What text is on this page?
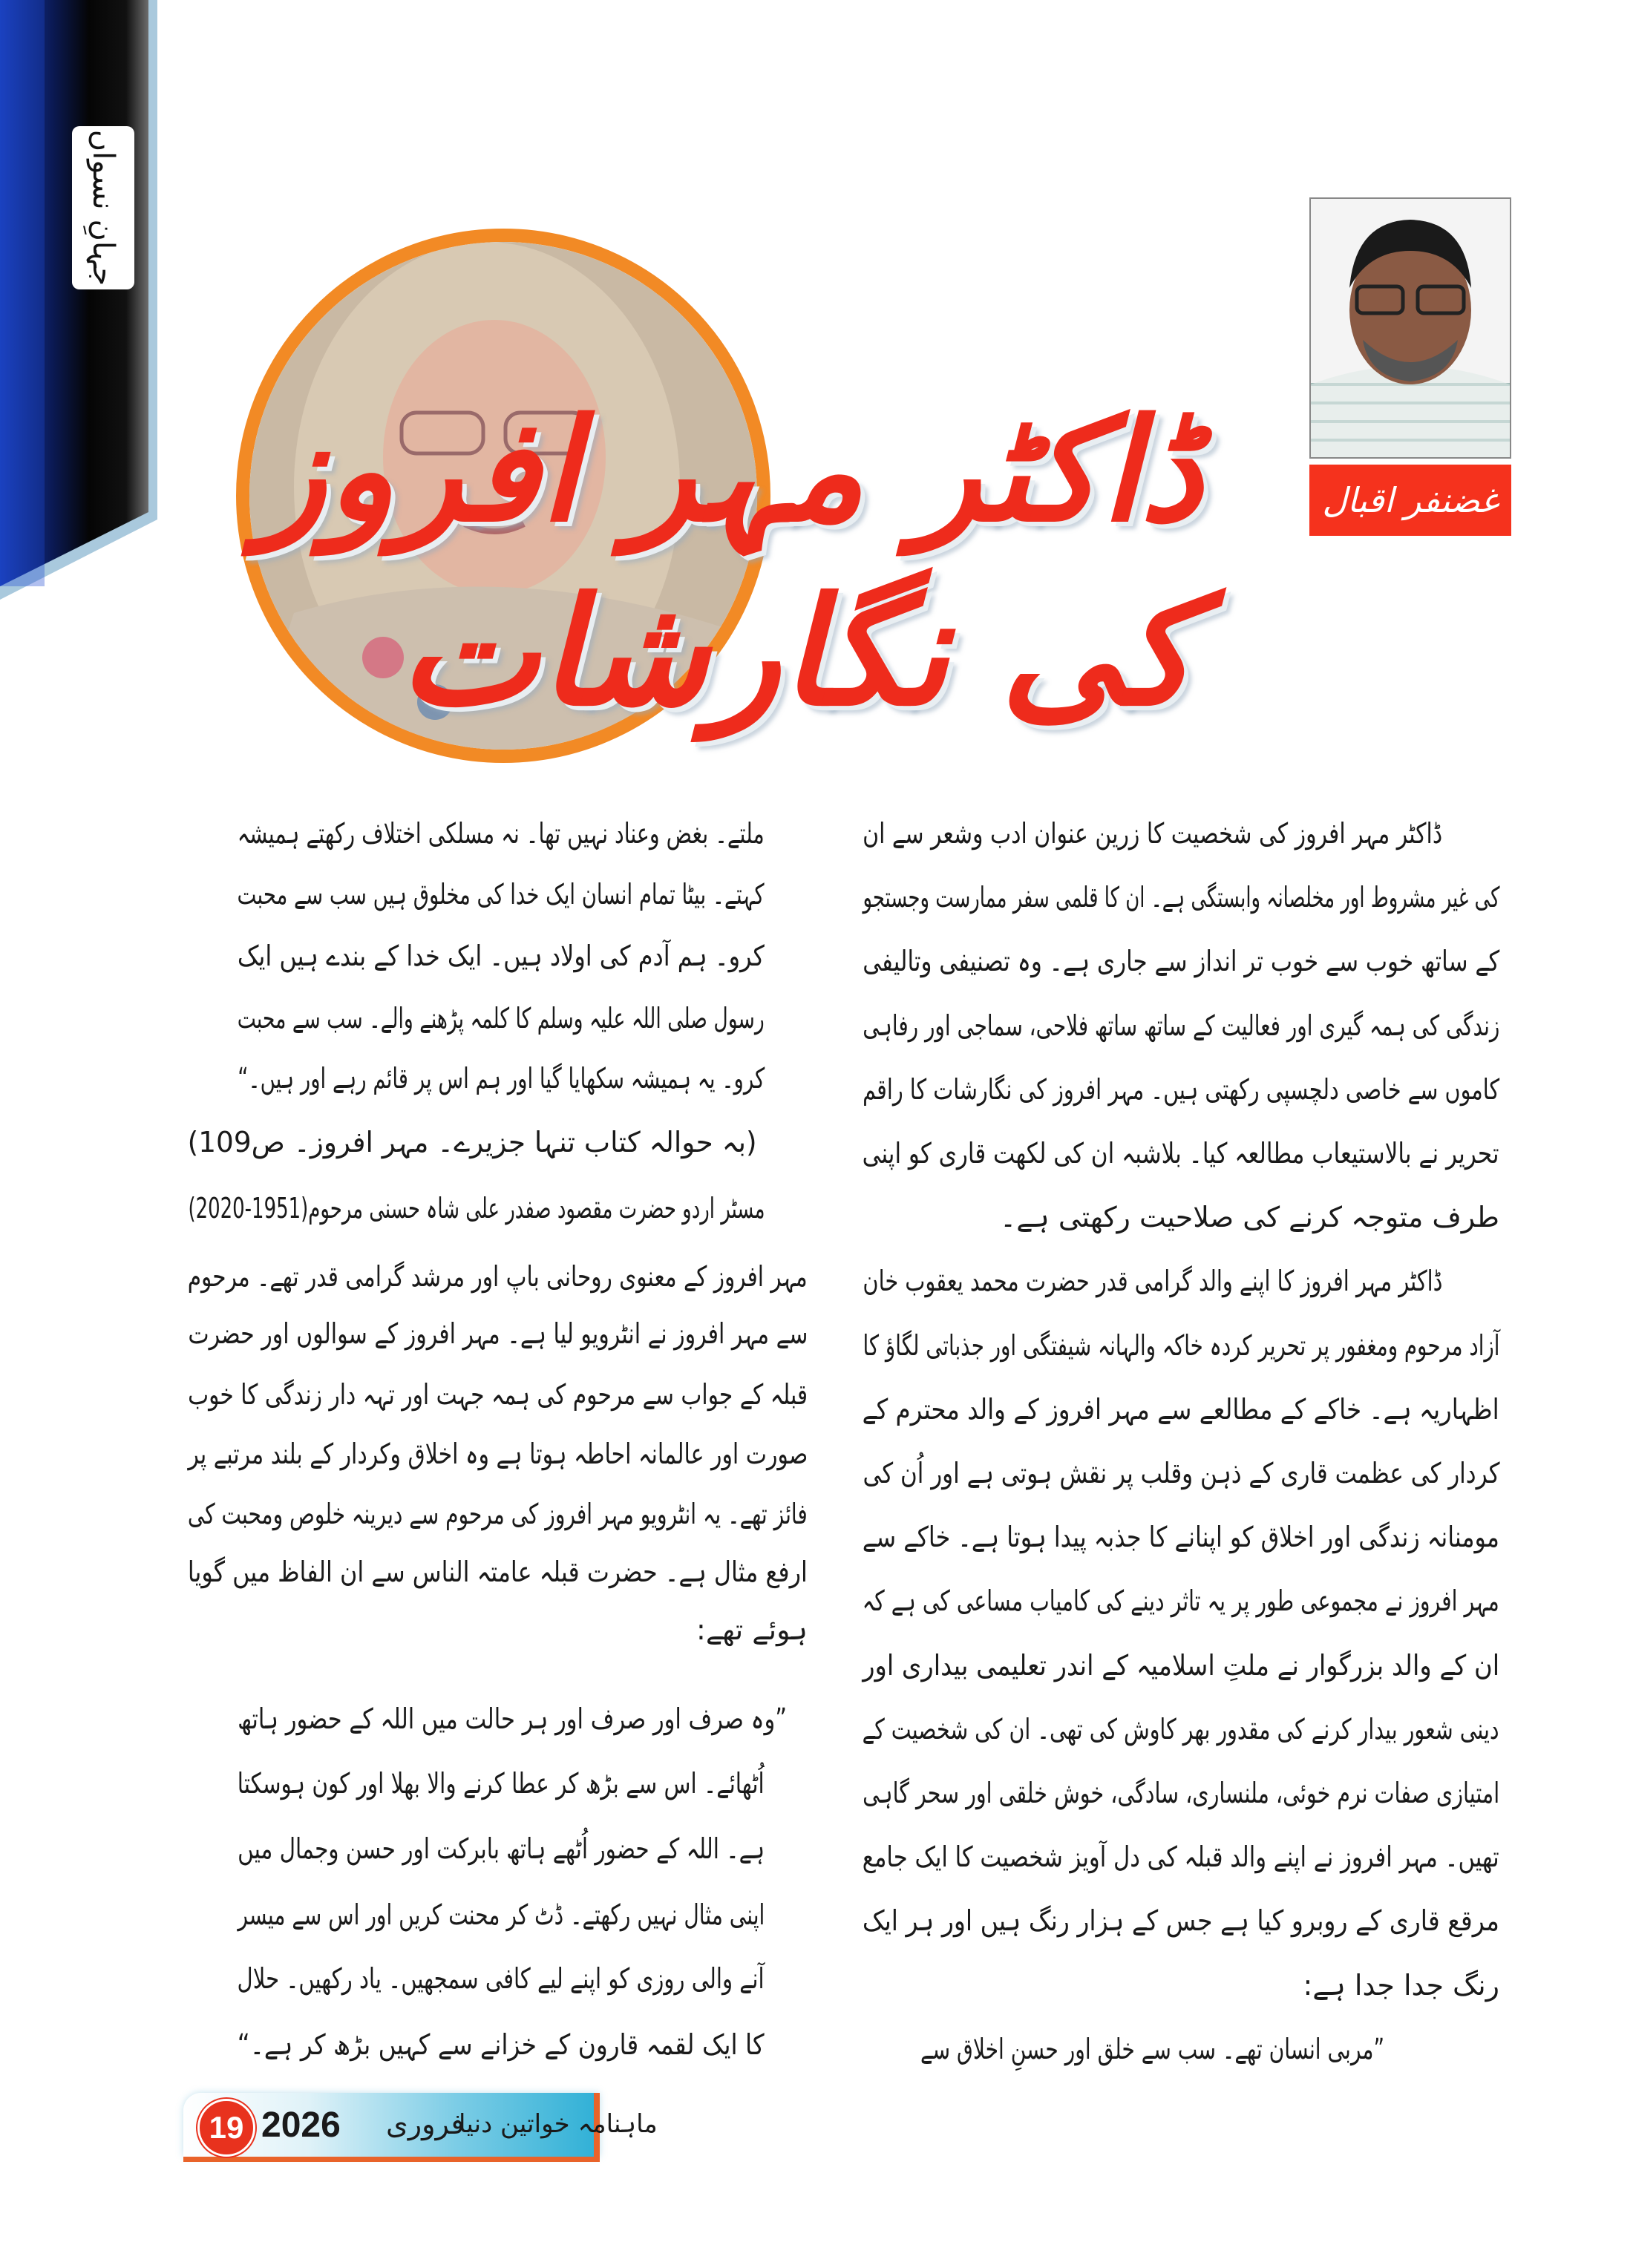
جہانِ نسواں
ڈاکٹر مہر افروز
کی نگارشات
غضنفر اقبال
ڈاکٹر مہر افروز کی شخصیت کا زرین عنوان ادب وشعر سے ان
کی غیر مشروط اور مخلصانہ وابستگی ہے۔ ان کا قلمی سفر ممارست وجستجو
کے ساتھ خوب سے خوب تر انداز سے جاری ہے۔ وہ تصنیفی وتالیفی
زندگی کی ہمہ گیری اور فعالیت کے ساتھ ساتھ فلاحی، سماجی اور رفاہی
کاموں سے خاصی دلچسپی رکھتی ہیں۔ مہر افروز کی نگارشات کا راقم
تحریر نے بالاستیعاب مطالعہ کیا۔ بلاشبہ ان کی لکھت قاری کو اپنی
طرف متوجہ کرنے کی صلاحیت رکھتی ہے۔
ڈاکٹر مہر افروز کا اپنے والد گرامی قدر حضرت محمد یعقوب خان
آزاد مرحوم ومغفور پر تحریر کردہ خاکہ والہانہ شیفتگی اور جذباتی لگاؤ کا
اظہاریہ ہے۔ خاکے کے مطالعے سے مہر افروز کے والد محترم کے
کردار کی عظمت قاری کے ذہن وقلب پر نقش ہوتی ہے اور اُن کی
مومنانہ زندگی اور اخلاق کو اپنانے کا جذبہ پیدا ہوتا ہے۔ خاکے سے
مہر افروز نے مجموعی طور پر یہ تاثر دینے کی کامیاب مساعی کی ہے کہ
ان کے والد بزرگوار نے ملتِ اسلامیہ کے اندر تعلیمی بیداری اور
دینی شعور بیدار کرنے کی مقدور بھر کاوش کی تھی۔ ان کی شخصیت کے
امتیازی صفات نرم خوئی، ملنساری، سادگی، خوش خلقی اور سحر گاہی
تھیں۔ مہر افروز نے اپنے والد قبلہ کی دل آویز شخصیت کا ایک جامع
مرقع قاری کے روبرو کیا ہے جس کے ہزار رنگ ہیں اور ہر ایک
رنگ جدا جدا ہے:
”مربی انسان تھے۔ سب سے خلق اور حسنِ اخلاق سے
ملتے۔ بغض وعناد نہیں تھا۔ نہ مسلکی اختلاف رکھتے ہمیشہ
کہتے۔ بیٹا تمام انسان ایک خدا کی مخلوق ہیں سب سے محبت
کرو۔ ہم آدم کی اولاد ہیں۔ ایک خدا کے بندے ہیں ایک
رسول صلی اللہ علیہ وسلم کا کلمہ پڑھنے والے۔ سب سے محبت
کرو۔ یہ ہمیشہ سکھایا گیا اور ہم اس پر قائم رہے اور ہیں۔“
(بہ حوالہ کتاب تنہا جزیرے۔ مہر افروز۔ ص109)
مسٹر اردو حضرت مقصود صفدر علی شاہ حسنی مرحوم(1951-2020)
مہر افروز کے معنوی روحانی باپ اور مرشد گرامی قدر تھے۔ مرحوم
سے مہر افروز نے انٹرویو لیا ہے۔ مہر افروز کے سوالوں اور حضرت
قبلہ کے جواب سے مرحوم کی ہمہ جہت اور تہہ دار زندگی کا خوب
صورت اور عالمانہ احاطہ ہوتا ہے وہ اخلاق وکردار کے بلند مرتبے پر
فائز تھے۔ یہ انٹرویو مہر افروز کی مرحوم سے دیرینہ خلوص ومحبت کی
ارفع مثال ہے۔ حضرت قبلہ عامتہ الناس سے ان الفاظ میں گویا
ہوئے تھے:
”وہ صرف اور صرف اور ہر حالت میں اللہ کے حضور ہاتھ
اُٹھائے۔ اس سے بڑھ کر عطا کرنے والا بھلا اور کون ہوسکتا
ہے۔ اللہ کے حضور اُٹھے ہاتھ بابرکت اور حسن وجمال میں
اپنی مثال نہیں رکھتے۔ ڈٹ کر محنت کریں اور اس سے میسر
آنے والی روزی کو اپنے لیے کافی سمجھیں۔ یاد رکھیں۔ حلال
کا ایک لقمہ قارون کے خزانے سے کہیں بڑھ کر ہے۔“
19 2026 فروری
ماہنامہ خواتین دنیا
